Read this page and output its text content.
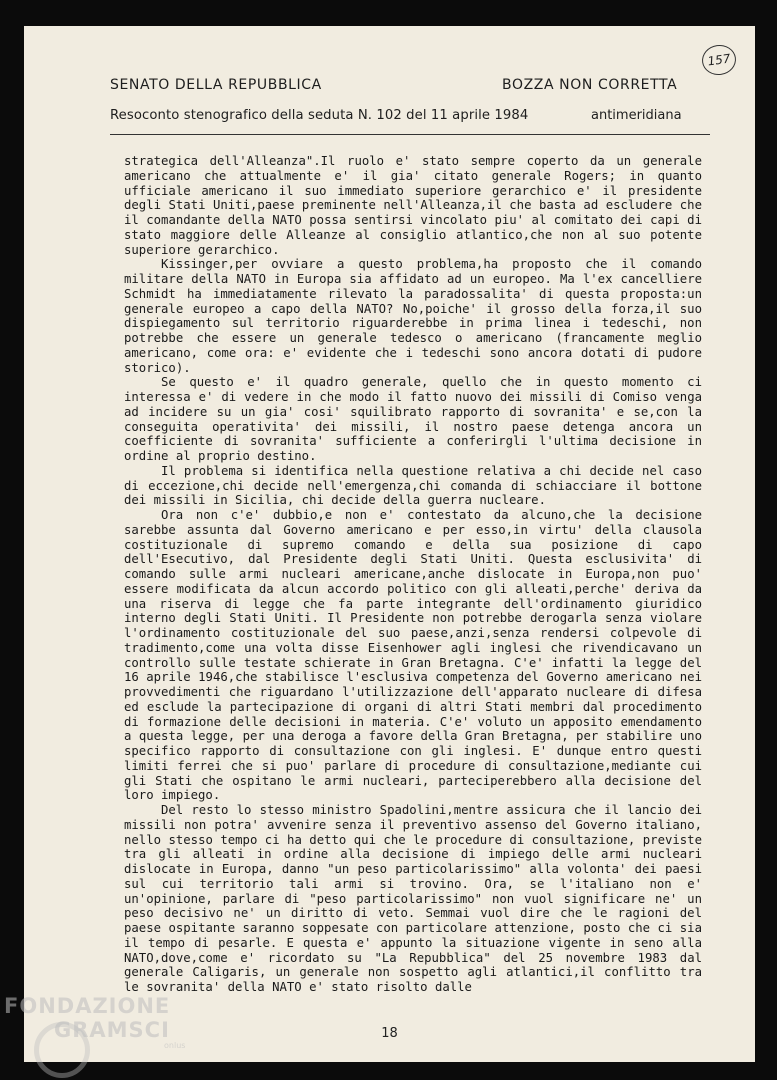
157
SENATO DELLA REPUBBLICA	BOZZA NON CORRETTA
Resoconto stenografico della seduta N. 102 del 11 aprile 1984	antimeridiana

strategica dell'Alleanza".Il ruolo e' stato sempre coperto da un generale americano che attualmente e' il gia' citato generale Rogers; in quanto ufficiale americano il suo immediato superiore gerarchico e' il presidente degli Stati Uniti,paese preminente nell'Alleanza,il che basta ad escludere che il comandante della NATO possa sentirsi vincolato piu' al comitato dei capi di stato maggiore delle Alleanze al consiglio atlantico,che non al suo potente superiore gerarchico.

Kissinger,per ovviare a questo problema,ha proposto che il comando militare della NATO in Europa sia affidato ad un europeo. Ma l'ex cancelliere Schmidt ha immediatamente rilevato la paradossalita' di questa proposta:un generale europeo a capo della NATO? No,poiche' il grosso della forza,il suo dispiegamento sul territorio riguarderebbe in prima linea i tedeschi, non potrebbe che essere un generale tedesco o americano (francamente meglio americano, come ora: e' evidente che i tedeschi sono ancora dotati di pudore storico).

Se questo e' il quadro generale, quello che in questo momento ci interessa e' di vedere in che modo il fatto nuovo dei missili di Comiso venga ad incidere su un gia' cosi' squilibrato rapporto di sovranita' e se,con la conseguita operativita' dei missili, il nostro paese detenga ancora un coefficiente di sovranita' sufficiente a conferirgli l'ultima decisione in ordine al proprio destino.

Il problema si identifica nella questione relativa a chi decide nel caso di eccezione,chi decide nell'emergenza,chi comanda di schiacciare il bottone dei missili in Sicilia, chi decide della guerra nucleare.

Ora non c'e' dubbio,e non e' contestato da alcuno,che la decisione sarebbe assunta dal Governo americano e per esso,in virtu' della clausola costituzionale di supremo comando e della sua posizione di capo dell'Esecutivo, dal Presidente degli Stati Uniti. Questa esclusivita' di comando sulle armi nucleari americane,anche dislocate in Europa,non puo' essere modificata da alcun accordo politico con gli alleati,perche' deriva da una riserva di legge che fa parte integrante dell'ordinamento giuridico interno degli Stati Uniti. Il Presidente non potrebbe derogarla senza violare l'ordinamento costituzionale del suo paese,anzi,senza rendersi colpevole di tradimento,come una volta disse Eisenhower agli inglesi che rivendicavano un controllo sulle testate schierate in Gran Bretagna. C'e' infatti la legge del 16 aprile 1946,che stabilisce l'esclusiva competenza del Governo americano nei provvedimenti che riguardano l'utilizzazione dell'apparato nucleare di difesa ed esclude la partecipazione di organi di altri Stati membri dal procedimento di formazione delle decisioni in materia. C'e' voluto un apposito emendamento a questa legge, per una deroga a favore della Gran Bretagna, per stabilire uno specifico rapporto di consultazione con gli inglesi. E' dunque entro questi limiti ferrei che si puo' parlare di procedure di consultazione,mediante cui gli Stati che ospitano le armi nucleari, parteciperebbero alla decisione del loro impiego.

Del resto lo stesso ministro Spadolini,mentre assicura che il lancio dei missili non potra' avvenire senza il preventivo assenso del Governo italiano, nello stesso tempo ci ha detto qui che le procedure di consultazione, previste tra gli alleati in ordine alla decisione di impiego delle armi nucleari dislocate in Europa, danno "un peso particolarissimo" alla volonta' dei paesi sul cui territorio tali armi si trovino. Ora, se l'italiano non e' un'opinione, parlare di "peso particolarissimo" non vuol significare ne' un peso decisivo ne' un diritto di veto. Semmai vuol dire che le ragioni del paese ospitante saranno soppesate con particolare attenzione, posto che ci sia il tempo di pesarle. E questa e' appunto la situazione vigente in seno alla NATO,dove,come e' ricordato su "La Repubblica" del 25 novembre 1983 dal generale Caligaris, un generale non sospetto agli atlantici,il conflitto tra le sovranita' della NATO e' stato risolto dalle

18
FONDAZIONE
GRAMSCI
onlus
